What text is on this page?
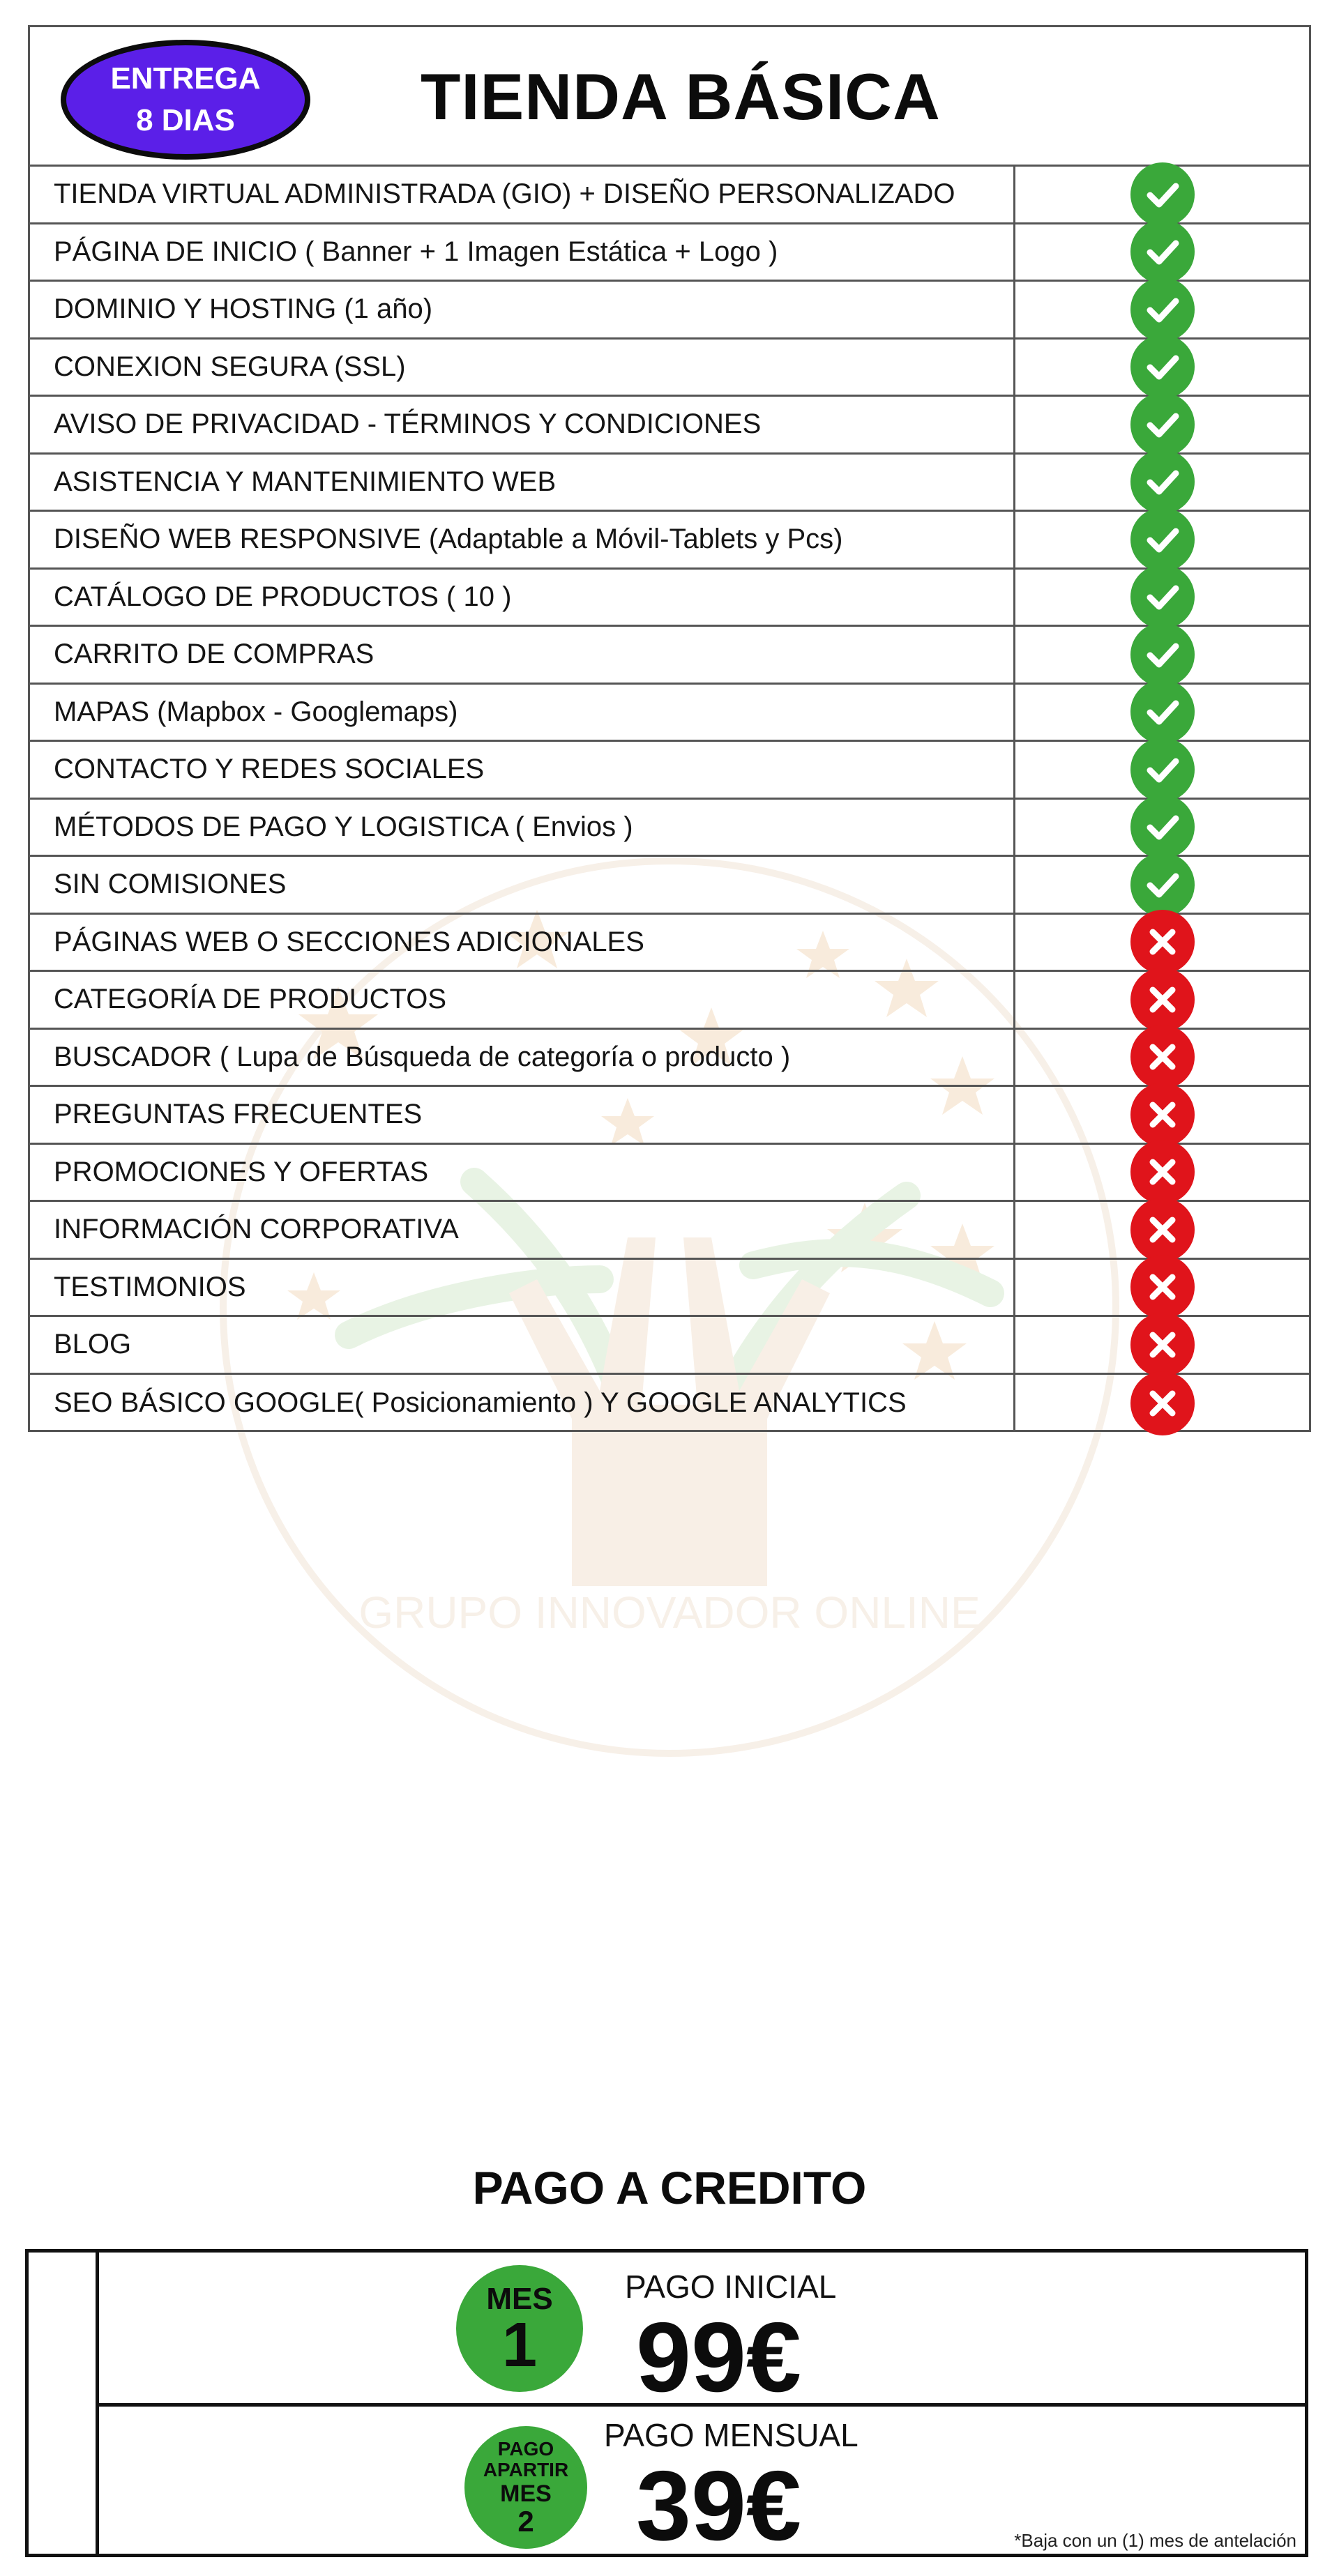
GRUPO INNOVADOR ONLINE
ENTREGA
8 DIAS	TIENDA BÁSICA
TIENDA VIRTUAL ADMINISTRADA (GIO) + DISEÑO PERSONALIZADO
PÁGINA DE INICIO ( Banner + 1 Imagen Estática + Logo )
DOMINIO Y HOSTING (1 año)
CONEXION SEGURA (SSL)
AVISO DE PRIVACIDAD - TÉRMINOS Y CONDICIONES
ASISTENCIA Y MANTENIMIENTO WEB
DISEÑO WEB RESPONSIVE (Adaptable a Móvil-Tablets y Pcs)
CATÁLOGO DE PRODUCTOS ( 10 )
CARRITO DE COMPRAS
MAPAS (Mapbox - Googlemaps)
CONTACTO Y REDES SOCIALES
MÉTODOS DE PAGO Y LOGISTICA ( Envios )
SIN COMISIONES
PÁGINAS WEB O SECCIONES ADICIONALES
CATEGORÍA DE PRODUCTOS
BUSCADOR ( Lupa de Búsqueda de categoría o producto )
PREGUNTAS FRECUENTES
PROMOCIONES Y OFERTAS
INFORMACIÓN CORPORATIVA
TESTIMONIOS
BLOG
SEO BÁSICO GOOGLE( Posicionamiento ) Y GOOGLE ANALYTICS
PAGO A CREDITO
MES
1
PAGO INICIAL
99€
PAGO APARTIR
MES
2
PAGO MENSUAL
39€	*Baja con un (1) mes de antelación
